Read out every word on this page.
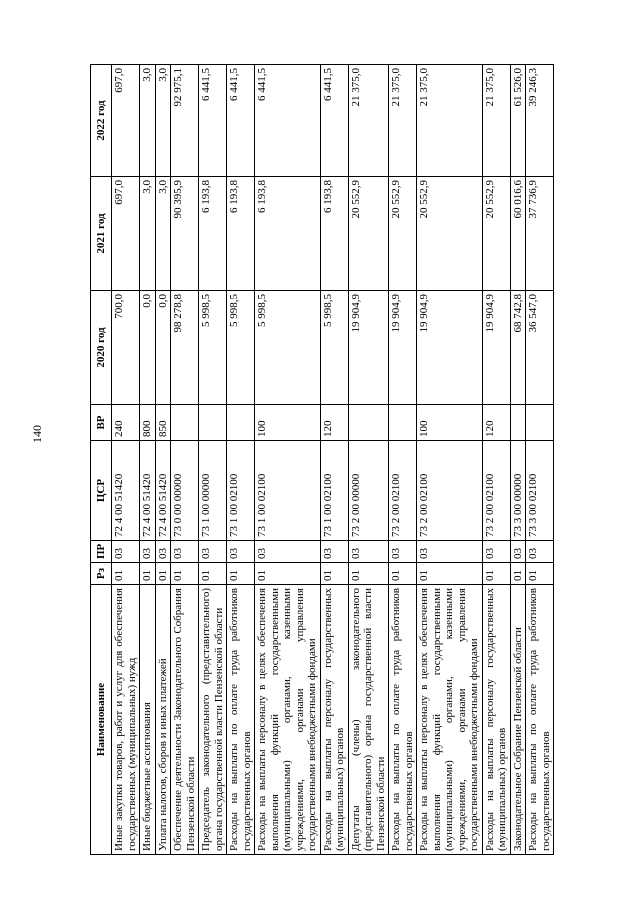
140
Наименование	Рз	ПР	ЦСР	ВР	2020 год	2021 год	2022 год
Иные закупки товаров, работ и услуг для обеспечения государственных (муниципальных) нужд	01	03	72 4 00 51420	240	700,0	697,0	697,0
Иные бюджетные ассигнования	01	03	72 4 00 51420	800	0,0	3,0	3,0
Уплата налогов, сборов и иных платежей	01	03	72 4 00 51420	850	0,0	3,0	3,0
Обеспечение деятельности Законодательного Собрания Пензенской области	01	03	73 0 00 00000		98 278,8	90 395,9	92 975,1
Председатель законодательного (представительного) органа государственной власти Пензенской области	01	03	73 1 00 00000		5 998,5	6 193,8	6 441,5
Расходы на выплаты по оплате труда работников государственных органов	01	03	73 1 00 02100		5 998,5	6 193,8	6 441,5
Расходы на выплаты персоналу в целях обеспечения выполнения функций государственными (муниципальными) органами, казенными учреждениями, органами управления государственными внебюджетными фондами	01	03	73 1 00 02100	100	5 998,5	6 193,8	6 441,5
Расходы на выплаты персоналу государственных (муниципальных) органов	01	03	73 1 00 02100	120	5 998,5	6 193,8	6 441,5
Депутаты (члены) законодательного (представительного) органа государственной власти Пензенской области	01	03	73 2 00 00000		19 904,9	20 552,9	21 375,0
Расходы на выплаты по оплате труда работников государственных органов	01	03	73 2 00 02100		19 904,9	20 552,9	21 375,0
Расходы на выплаты персоналу в целях обеспечения выполнения функций государственными (муниципальными) органами, казенными учреждениями, органами управления государственными внебюджетными фондами	01	03	73 2 00 02100	100	19 904,9	20 552,9	21 375,0
Расходы на выплаты персоналу государственных (муниципальных) органов	01	03	73 2 00 02100	120	19 904,9	20 552,9	21 375,0
Законодательное Собрание Пензенской области	01	03	73 3 00 00000		68 742,8	60 016,6	61 526,0
Расходы на выплаты по оплате труда работников государственных органов	01	03	73 3 00 02100		36 547,0	37 736,9	39 246,3
